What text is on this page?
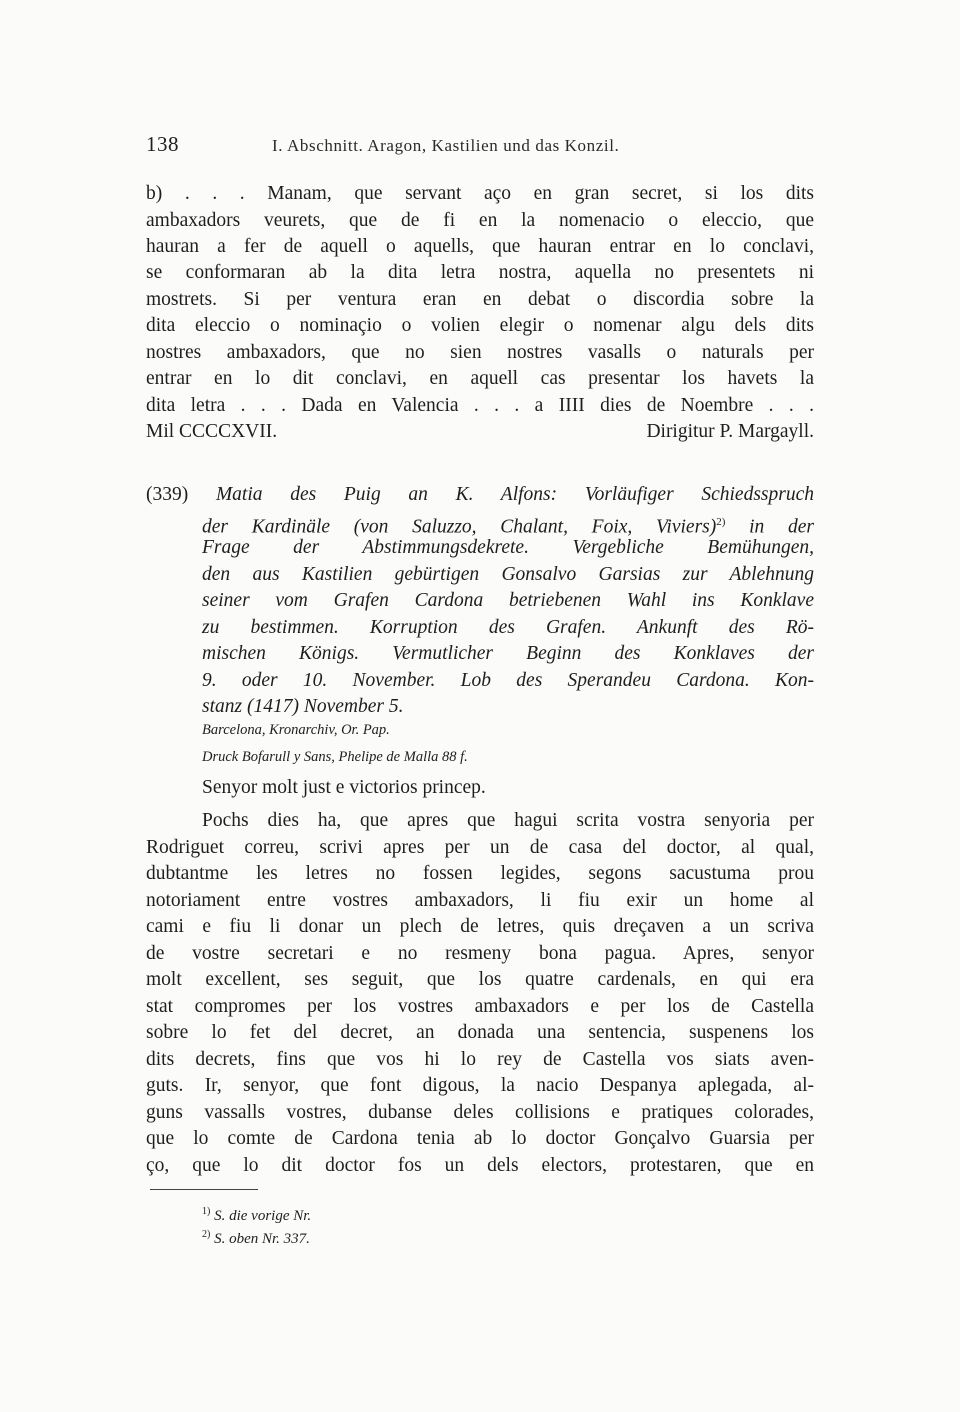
138	I. Abschnitt. Aragon, Kastilien und das Konzil.
b) . . . Manam, que servant aço en gran secret, si los dits
ambaxadors veurets, que de fi en la nomenacio o eleccio, que
hauran a fer de aquell o aquells, que hauran entrar en lo conclavi,
se conformaran ab la dita letra nostra, aquella no presentets ni
mostrets. Si per ventura eran en debat o discordia sobre la
dita eleccio o nominaçio o volien elegir o nomenar algu dels dits
nostres ambaxadors, que no sien nostres vasalls o naturals per
entrar en lo dit conclavi, en aquell cas presentar los havets la
dita letra . . . Dada en Valencia . . . a IIII dies de Noembre . . .
Mil CCCCXVII.	Dirigitur P. Margayll.
(339) Matia des Puig an K. Alfons: Vorläufiger Schiedsspruch
der Kardinäle (von Saluzzo, Chalant, Foix, Viviers)$^{2)}$ in der
Frage der Abstimmungsdekrete. Vergebliche Bemühungen,
den aus Kastilien gebürtigen Gonsalvo Garsias zur Ablehnung
seiner vom Grafen Cardona betriebenen Wahl ins Konklave
zu bestimmen. Korruption des Grafen. Ankunft des Rö-
mischen Königs. Vermutlicher Beginn des Konklaves der
9. oder 10. November. Lob des Sperandeu Cardona. Kon-
stanz (1417) November 5.
Barcelona, Kronarchiv, Or. Pap.
Druck Bofarull y Sans, Phelipe de Malla 88 f.
Senyor molt just e victorios princep.
Pochs dies ha, que apres que hagui scrita vostra senyoria per
Rodriguet correu, scrivi apres per un de casa del doctor, al qual,
dubtantme les letres no fossen legides, segons sacustuma prou
notoriament entre vostres ambaxadors, li fiu exir un home al
cami e fiu li donar un plech de letres, quis dreçaven a un scriva
de vostre secretari e no resmeny bona pagua. Apres, senyor
molt excellent, ses seguit, que los quatre cardenals, en qui era
stat compromes per los vostres ambaxadors e per los de Castella
sobre lo fet del decret, an donada una sentencia, suspenens los
dits decrets, fins que vos hi lo rey de Castella vos siats aven-
guts. Ir, senyor, que font digous, la nacio Despanya aplegada, al-
guns vassalls vostres, dubanse deles collisions e pratiques colorades,
que lo comte de Cardona tenia ab lo doctor Gonçalvo Guarsia per
ço, que lo dit doctor fos un dels electors, protestaren, que en
$^{1)}$ S. die vorige Nr.
$^{2)}$ S. oben Nr. 337.
